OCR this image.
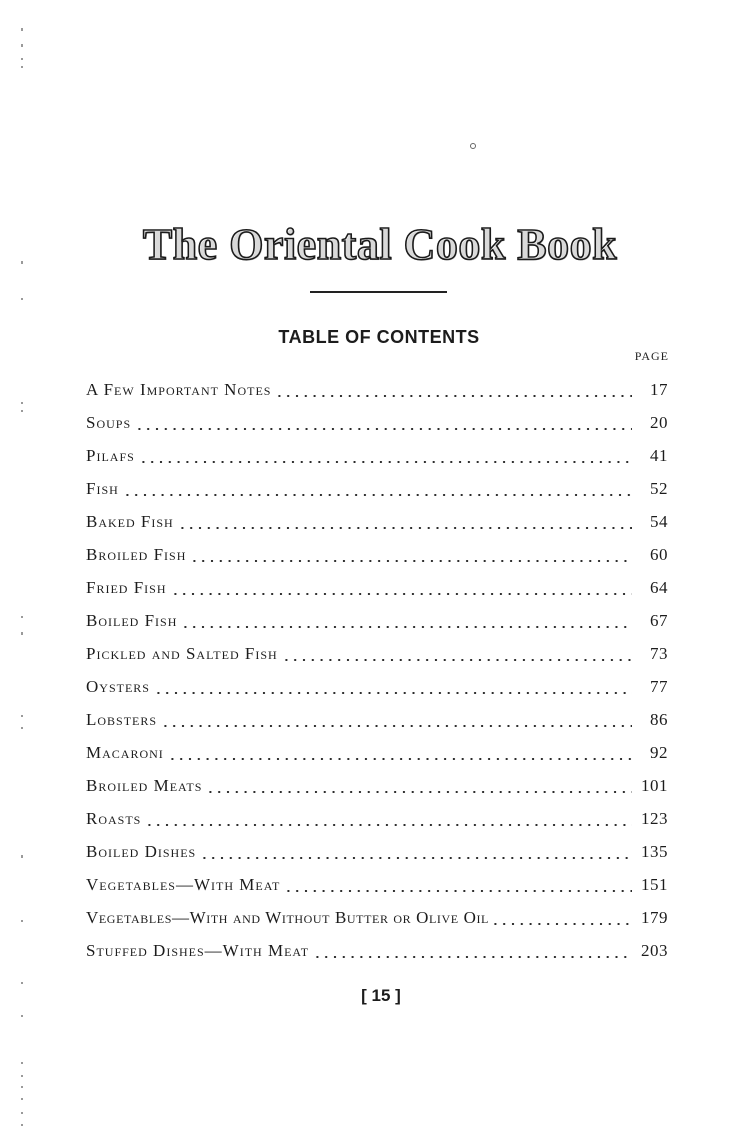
The Oriental Cook Book
TABLE OF CONTENTS
PAGE
A Few Important Notes	17
Soups	20
Pilafs	41
Fish	52
Baked Fish	54
Broiled Fish	60
Fried Fish	64
Boiled Fish	67
Pickled and Salted Fish	73
Oysters	77
Lobsters	86
Macaroni	92
Broiled Meats	101
Roasts	123
Boiled Dishes	135
Vegetables—With Meat	151
Vegetables—With and Without Butter or Olive Oil	179
Stuffed Dishes—With Meat	203
[ 15 ]
